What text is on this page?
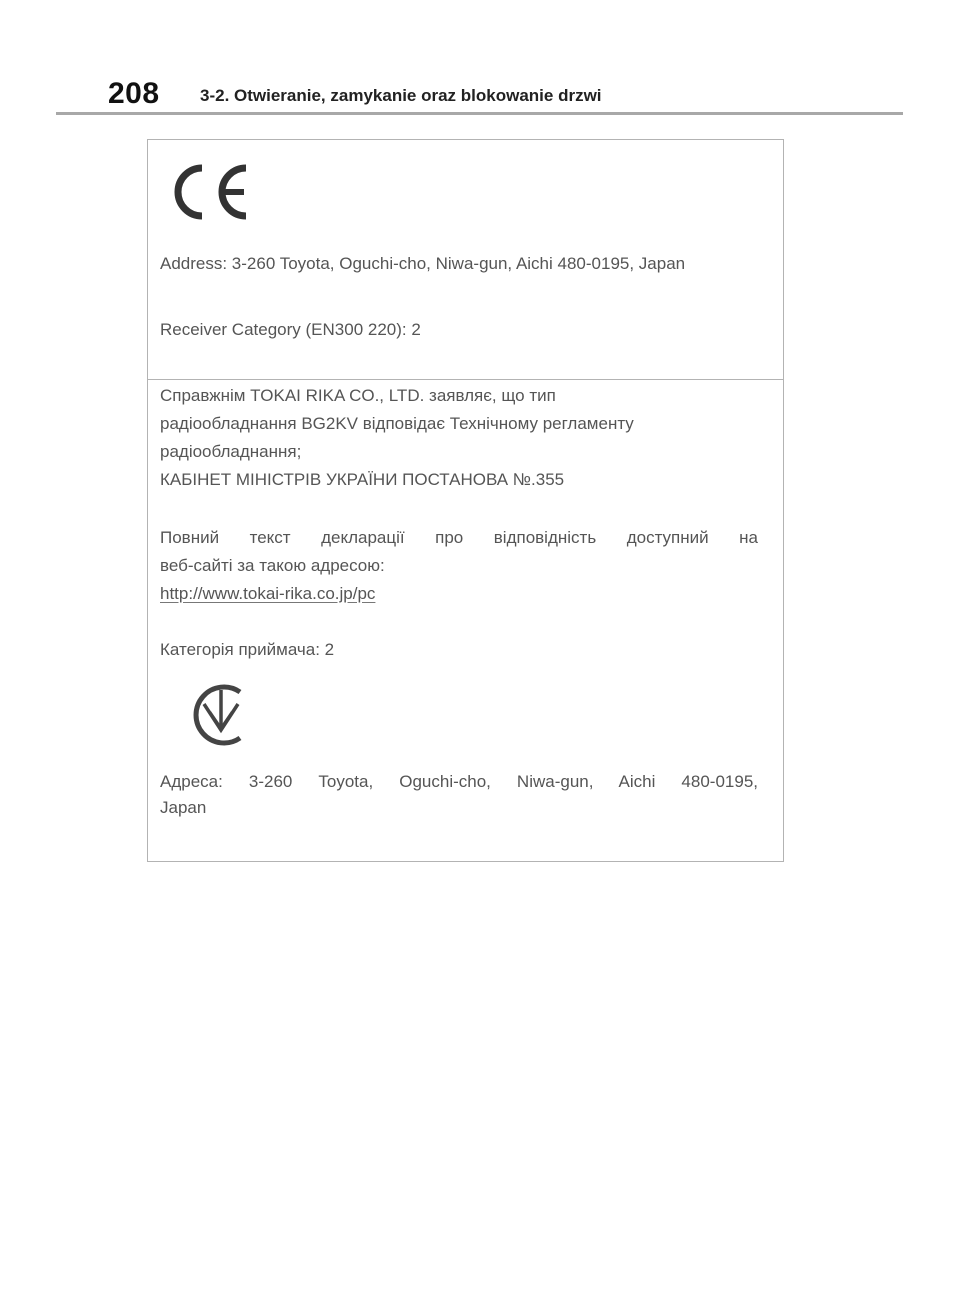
208 3-2. Otwieranie, zamykanie oraz blokowanie drzwi
Address: 3-260 Toyota, Oguchi-cho, Niwa-gun, Aichi 480-0195, Japan
Receiver Category (EN300 220): 2
Справжнім TOKAI RIKA CO., LTD. заявляє, що тип
радіообладнання BG2KV відповідає Технічному регламенту
радіообладнання;
КАБІНЕТ МІНІСТРІВ УКРАЇНИ ПОСТАНОВА №.355
Повний текст декларації про відповідність доступний на
веб-сайті за такою адресою:
http://www.tokai-rika.co.jp/pc
Категорія приймача: 2
Адреса: 3-260 Toyota, Oguchi-cho, Niwa-gun, Aichi 480-0195,
Japan
